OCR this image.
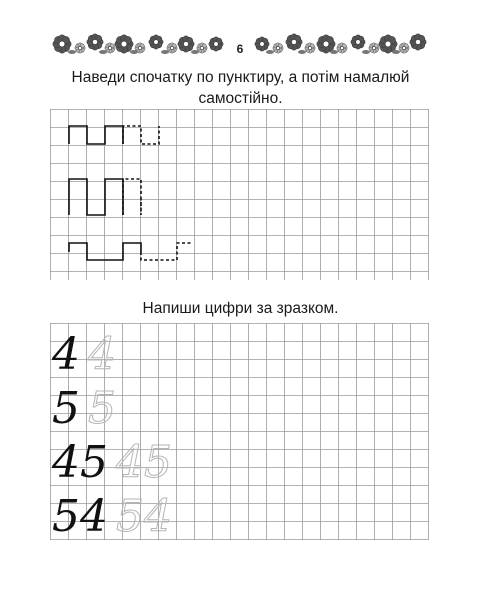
6
Наведи спочатку по пунктиру, а потім намалюй
самостійно.
Напиши цифри за зразком.
4 4
5 5
45 45
54 54
